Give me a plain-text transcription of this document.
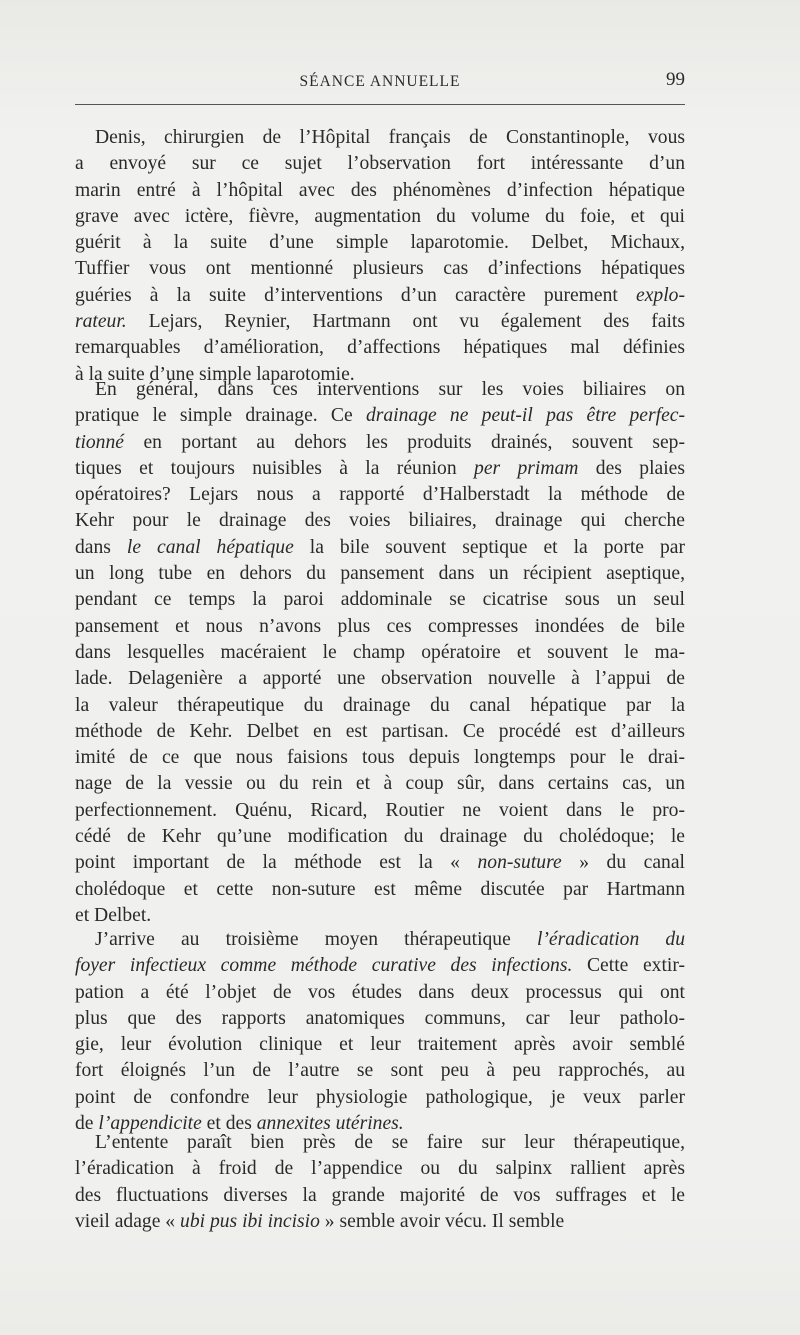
SÉANCE ANNUELLE	99
Denis, chirurgien de l’Hôpital français de Constantinople, vous
a envoyé sur ce sujet l’observation fort intéressante d’un
marin entré à l’hôpital avec des phénomènes d’infection hépatique
grave avec ictère, fièvre, augmentation du volume du foie, et qui
guérit à la suite d’une simple laparotomie. Delbet, Michaux,
Tuffier vous ont mentionné plusieurs cas d’infections hépatiques
guéries à la suite d’interventions d’un caractère purement explo-
rateur. Lejars, Reynier, Hartmann ont vu également des faits
remarquables d’amélioration, d’affections hépatiques mal définies
à la suite d’une simple laparotomie.
En général, dans ces interventions sur les voies biliaires on
pratique le simple drainage. Ce drainage ne peut-il pas être perfec-
tionné en portant au dehors les produits drainés, souvent sep-
tiques et toujours nuisibles à la réunion per primam des plaies
opératoires? Lejars nous a rapporté d’Halberstadt la méthode de
Kehr pour le drainage des voies biliaires, drainage qui cherche
dans le canal hépatique la bile souvent septique et la porte par
un long tube en dehors du pansement dans un récipient aseptique,
pendant ce temps la paroi addominale se cicatrise sous un seul
pansement et nous n’avons plus ces compresses inondées de bile
dans lesquelles macéraient le champ opératoire et souvent le ma-
lade. Delagenière a apporté une observation nouvelle à l’appui de
la valeur thérapeutique du drainage du canal hépatique par la
méthode de Kehr. Delbet en est partisan. Ce procédé est d’ailleurs
imité de ce que nous faisions tous depuis longtemps pour le drai-
nage de la vessie ou du rein et à coup sûr, dans certains cas, un
perfectionnement. Quénu, Ricard, Routier ne voient dans le pro-
cédé de Kehr qu’une modification du drainage du cholédoque; le
point important de la méthode est la « non-suture » du canal
cholédoque et cette non-suture est même discutée par Hartmann
et Delbet.
J’arrive au troisième moyen thérapeutique l’éradication du
foyer infectieux comme méthode curative des infections. Cette extir-
pation a été l’objet de vos études dans deux processus qui ont
plus que des rapports anatomiques communs, car leur patholo-
gie, leur évolution clinique et leur traitement après avoir semblé
fort éloignés l’un de l’autre se sont peu à peu rapprochés, au
point de confondre leur physiologie pathologique, je veux parler
de l’appendicite et des annexites utérines.
L’entente paraît bien près de se faire sur leur thérapeutique,
l’éradication à froid de l’appendice ou du salpinx rallient après
des fluctuations diverses la grande majorité de vos suffrages et le
vieil adage « ubi pus ibi incisio » semble avoir vécu. Il semble
